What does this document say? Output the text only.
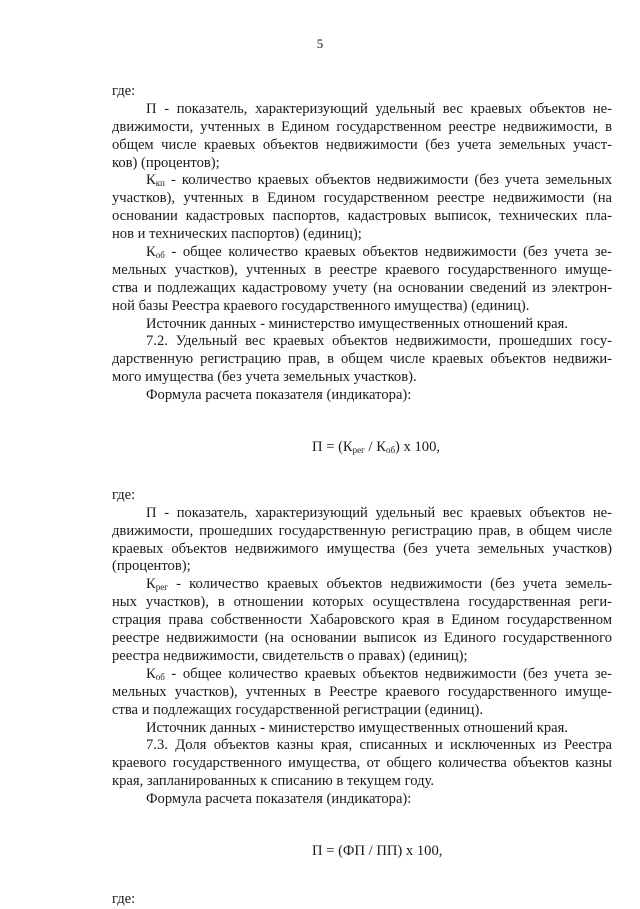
5
где:
П - показатель, характеризующий удельный вес краевых объектов не-
движимости, учтенных в Едином государственном реестре недвижимости, в
общем числе краевых объектов недвижимости (без учета земельных участ-
ков) (процентов);
$К_{кп}$ - количество краевых объектов недвижимости (без учета земельных
участков), учтенных в Едином государственном реестре недвижимости (на
основании кадастровых паспортов, кадастровых выписок, технических пла-
нов и технических паспортов) (единиц);
$К_{об}$ - общее количество краевых объектов недвижимости (без учета зе-
мельных участков), учтенных в реестре краевого государственного имуще-
ства и подлежащих кадастровому учету (на основании сведений из электрон-
ной базы Реестра краевого государственного имущества) (единиц).
Источник данных - министерство имущественных отношений края.
7.2. Удельный вес краевых объектов недвижимости, прошедших госу-
дарственную регистрацию прав, в общем числе краевых объектов недвижи-
мого имущества (без учета земельных участков).
Формула расчета показателя (индикатора):
$П = (К_{рег} / К_{об})$ х 100,
где:
П - показатель, характеризующий удельный вес краевых объектов не-
движимости, прошедших государственную регистрацию прав, в общем числе
краевых объектов недвижимого имущества (без учета земельных участков)
(процентов);
$К_{рег}$ - количество краевых объектов недвижимости (без учета земель-
ных участков), в отношении которых осуществлена государственная реги-
страция права собственности Хабаровского края в Едином государственном
реестре недвижимости (на основании выписок из Единого государственного
реестра недвижимости, свидетельств о правах) (единиц);
$К_{об}$ - общее количество краевых объектов недвижимости (без учета зе-
мельных участков), учтенных в Реестре краевого государственного имуще-
ства и подлежащих государственной регистрации (единиц).
Источник данных - министерство имущественных отношений края.
7.3. Доля объектов казны края, списанных и исключенных из Реестра
краевого государственного имущества, от общего количества объектов казны
края, запланированных к списанию в текущем году.
Формула расчета показателя (индикатора):
П = (ФП / ПП) х 100,
где:
